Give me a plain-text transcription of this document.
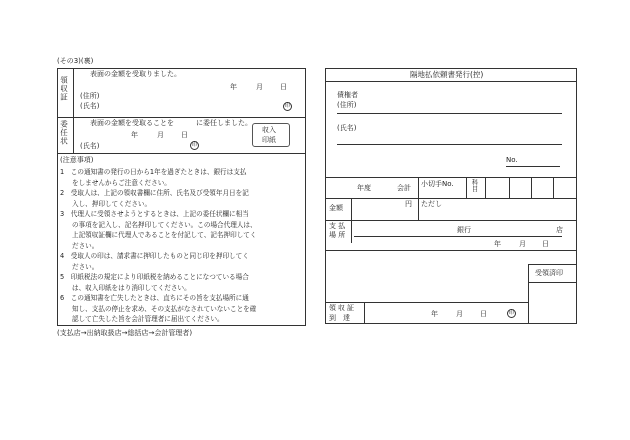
(その3)(裏)
領収証
表面の金額を受取りました。
年	月 日
(住所)
(氏名)	印
委任状	表面の金額を受取ることを	に委任しました。
年	月 日
(氏名)	印
収入
印紙
(注意事項)
1　 この通知書の発行の日から1年を過ぎたときは、銀行は支払
をしませんからご注意ください。
2　 受取人は、上記の領収書欄に住所、氏名及び受領年月日を記
入し、押印してください。
3　 代理人に受領させようとするときは、上記の委任状欄に相当
の事項を記入し、記名押印してください。この場合代理人は、
上記領収証欄に代理人であることを付記して、記名押印してく
ださい。
4　 受取人の印は、請求書に押印したものと同じ印を押印してく
ださい。
5　 印紙税法の規定により印紙税を納めることになつている場合
は、収入印紙をはり消印してください。
6　 この通知書を亡失したときは、直ちにその旨を支払場所に通
知し、支払の停止を求め、その支払がなされていないことを確
認して亡失した旨を会計管理者に届出てください。
(支払店→出納取扱店→総括店→会計管理者)
隔地払依頼書発行(控)
債権者
(住所)
(氏名)
No.
年度	会計 小切手No.	科目
金額	円 ただし
支 払
場 所
銀行	店
年	月 日
受領済印
領収証
到達	年	月 日	印
